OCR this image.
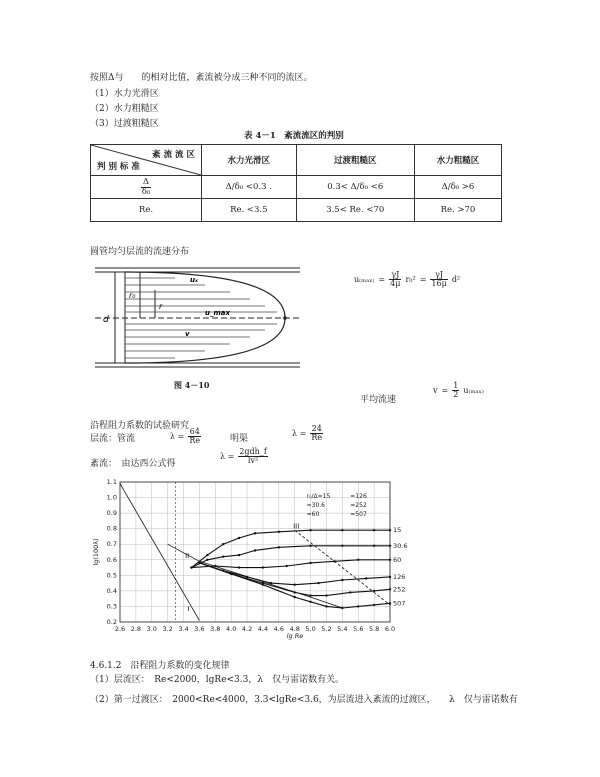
按照Δ与　　的相对比值，紊流被分成三种不同的流区。
（1）水力光滑区
（2）水力粗糙区
（3）过渡粗糙区
表 4－1　紊流流区的判别
紊 流 流 区
判 别 标 准	水力光滑区	过渡粗糙区	水力粗糙区

$\frac{\Delta}{\text{δ₀}}$	Δ/δ₀ <0.3 .	0.3< Δ/δ₀ <6	Δ/δ₀ >6
Re.	Re. <3.5	3.5< Re. <70	Re. >70
圆管均匀层流的流速分布
d
r₀
r
uₓ
u_max
v
图 4－10
$u_{(max)} = \frac{\gamma J}{4\mu} r_0^2 = \frac{\gamma J}{16\mu} d^2$
平均流速
$v = \frac{1}{2} u_{(max)}$
沿程阻力系数的试验研究
层流：管流	$\lambda = \frac{64}{Re}$	明渠
$\lambda = \frac{24}{Re}$
紊流：　由达西公式得
$\lambda = \frac{\text{2gdh\_f}}{\text{lv²}}$
2.6 2.8 3.0 3.2 3.4 3.6 3.8 4.0 4.2 4.4 4.6 4.8 5.0 5.2 5.4 5.6 5.8 6.0
0.2
0.3
0.4
0.5
0.6
0.7
0.8
0.9
1.0
1.1
lg Re
lg(100λ)
15
30.6
60
126
252
507
I
II
III
r₀/Δ=15
=30.6
=60
=126
=252
=507
4.6.1.2　沿程阻力系数的变化规律
（1）层流区：　Re<2000，lgRe<3.3，λ　仅与雷诺数有关。
（2）第一过渡区：　2000<Re<4000，3.3<lgRe<3.6，为层流进入紊流的过渡区，　　λ　仅与雷诺数有
